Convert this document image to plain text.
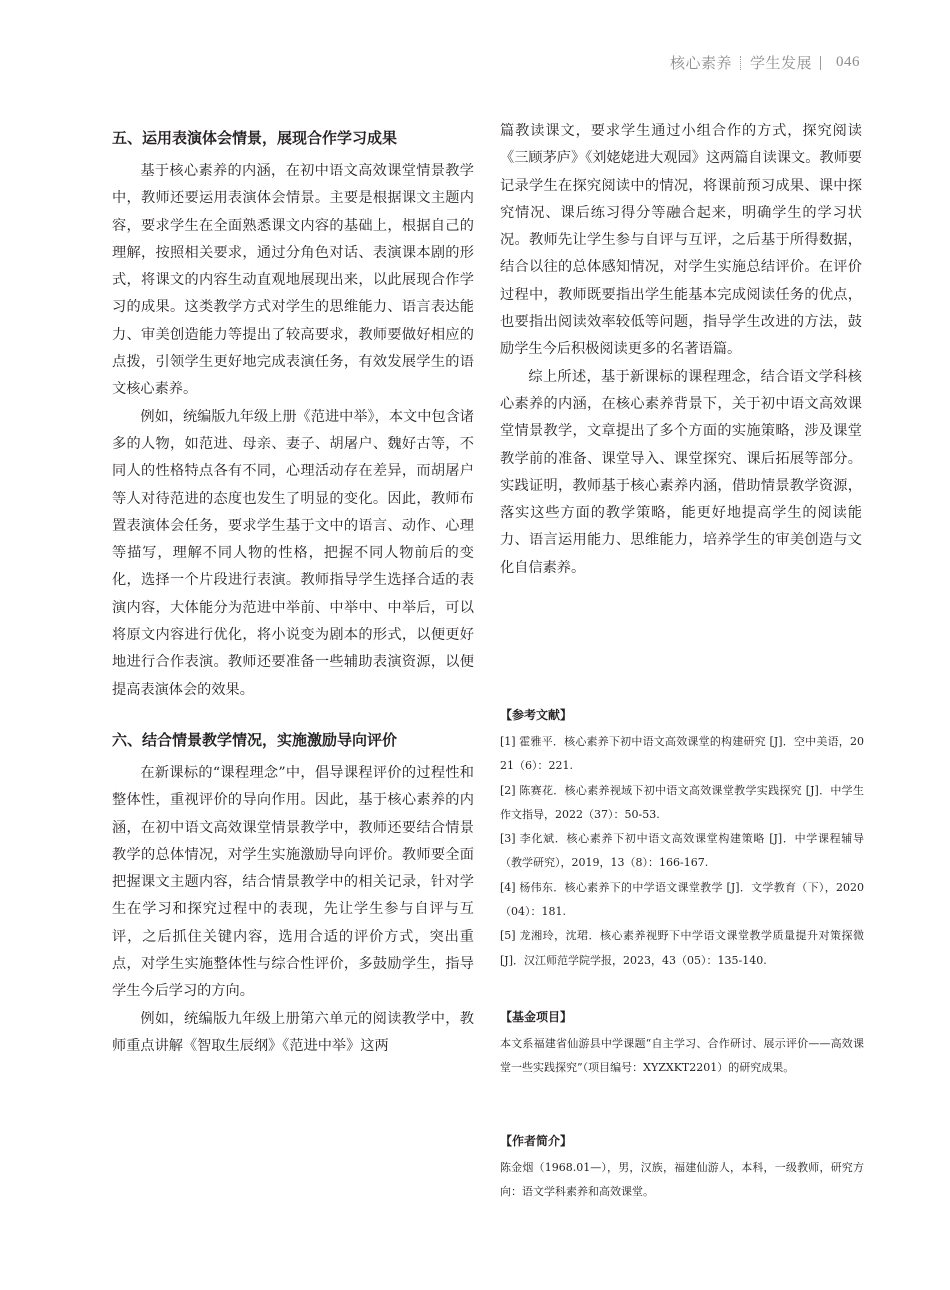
核心素养 学生发展 046
五、运用表演体会情景，展现合作学习成果

基于核心素养的内涵，在初中语文高效课堂情景教学中，教师还要运用表演体会情景。主要是根据课文主题内容，要求学生在全面熟悉课文内容的基础上，根据自己的理解，按照相关要求，通过分角色对话、表演课本剧的形式，将课文的内容生动直观地展现出来，以此展现合作学习的成果。这类教学方式对学生的思维能力、语言表达能力、审美创造能力等提出了较高要求，教师要做好相应的点拨，引领学生更好地完成表演任务，有效发展学生的语文核心素养。

例如，统编版九年级上册《范进中举》，本文中包含诸多的人物，如范进、母亲、妻子、胡屠户、魏好古等，不同人的性格特点各有不同，心理活动存在差异，而胡屠户等人对待范进的态度也发生了明显的变化。因此，教师布置表演体会任务，要求学生基于文中的语言、动作、心理等描写，理解不同人物的性格，把握不同人物前后的变化，选择一个片段进行表演。教师指导学生选择合适的表演内容，大体能分为范进中举前、中举中、中举后，可以将原文内容进行优化，将小说变为剧本的形式，以便更好地进行合作表演。教师还要准备一些辅助表演资源，以便提高表演体会的效果。

六、结合情景教学情况，实施激励导向评价

在新课标的“课程理念”中，倡导课程评价的过程性和整体性，重视评价的导向作用。因此，基于核心素养的内涵，在初中语文高效课堂情景教学中，教师还要结合情景教学的总体情况，对学生实施激励导向评价。教师要全面把握课文主题内容，结合情景教学中的相关记录，针对学生在学习和探究过程中的表现，先让学生参与自评与互评，之后抓住关键内容，选用合适的评价方式，突出重点，对学生实施整体性与综合性评价，多鼓励学生，指导学生今后学习的方向。

例如，统编版九年级上册第六单元的阅读教学中，教师重点讲解《智取生辰纲》《范进中举》这两

篇教读课文，要求学生通过小组合作的方式，探究阅读《三顾茅庐》《刘姥姥进大观园》这两篇自读课文。教师要记录学生在探究阅读中的情况，将课前预习成果、课中探究情况、课后练习得分等融合起来，明确学生的学习状况。教师先让学生参与自评与互评，之后基于所得数据，结合以往的总体感知情况，对学生实施总结评价。在评价过程中，教师既要指出学生能基本完成阅读任务的优点，也要指出阅读效率较低等问题，指导学生改进的方法，鼓励学生今后积极阅读更多的名著语篇。

综上所述，基于新课标的课程理念，结合语文学科核心素养的内涵，在核心素养背景下，关于初中语文高效课堂情景教学，文章提出了多个方面的实施策略，涉及课堂教学前的准备、课堂导入、课堂探究、课后拓展等部分。实践证明，教师基于核心素养内涵，借助情景教学资源，落实这些方面的教学策略，能更好地提高学生的阅读能力、语言运用能力、思维能力，培养学生的审美创造与文化自信素养。

【参考文献】
[1] 霍雅平．核心素养下初中语文高效课堂的构建研究 [J]．空中美语，2021（6）：221.
[2] 陈赛花．核心素养视域下初中语文高效课堂教学实践探究 [J]．中学生作文指导，2022（37）：50-53.
[3] 李化斌．核心素养下初中语文高效课堂构建策略 [J]．中学课程辅导（教学研究），2019，13（8）：166-167.
[4] 杨伟东．核心素养下的中学语文课堂教学 [J]．文学教育（下），2020（04）：181.
[5] 龙湘玲，沈珺．核心素养视野下中学语文课堂教学质量提升对策探微 [J]．汉江师范学院学报，2023，43（05）：135-140.
【基金项目】

本文系福建省仙游县中学课题“自主学习、合作研讨、展示评价——高效课堂一些实践探究”（项目编号：XYZXKT2201）的研究成果。

【作者简介】

陈金烟（1968.01—），男，汉族，福建仙游人，本科，一级教师，研究方向：语文学科素养和高效课堂。
